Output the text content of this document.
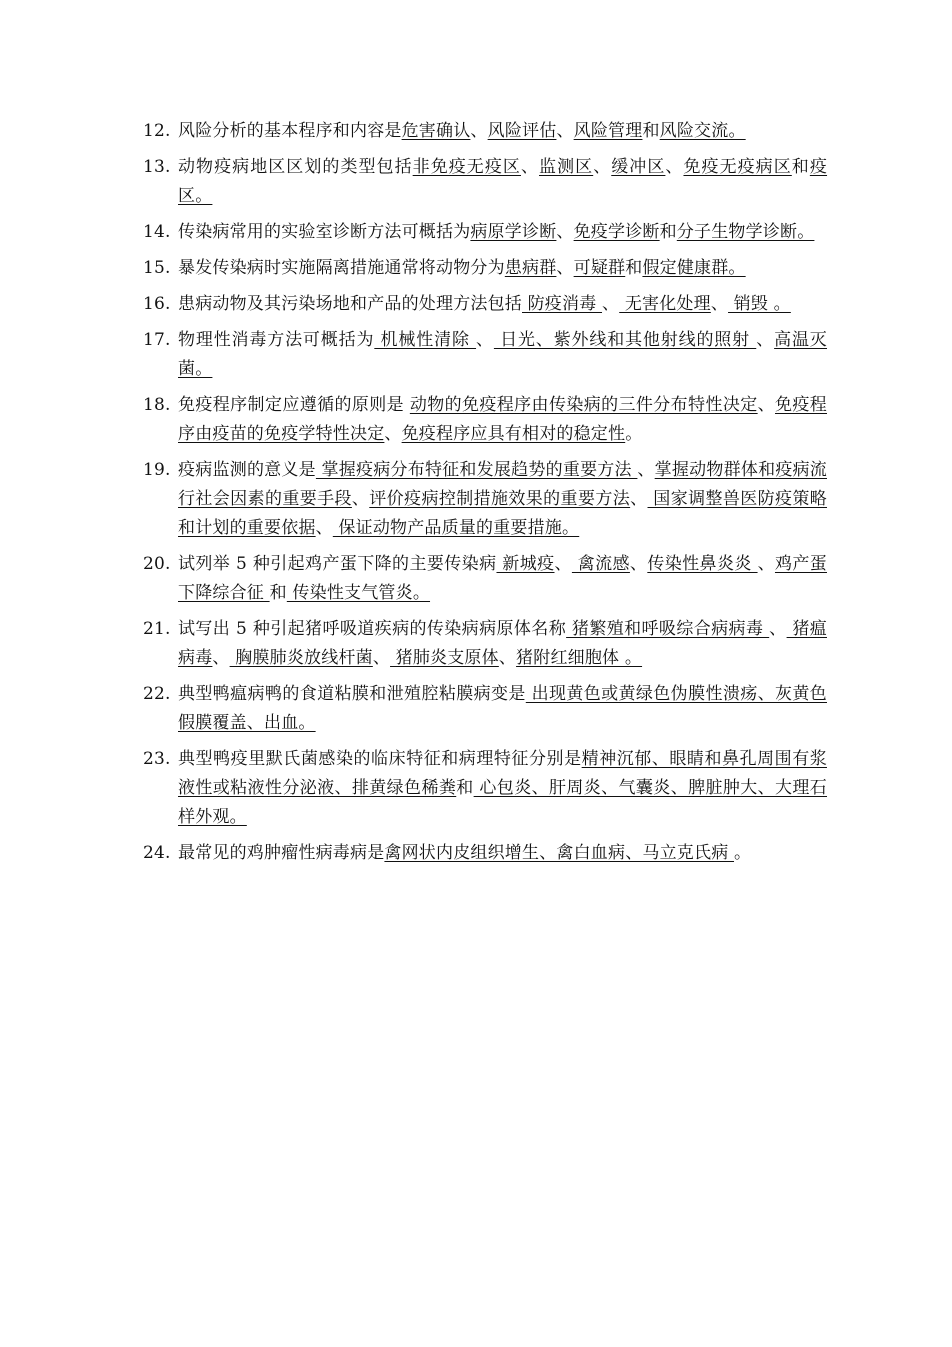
12. 风险分析的基本程序和内容是危害确认、风险评估、风险管理和风险交流。
13. 动物疫病地区区划的类型包括非免疫无疫区、监测区、缓冲区、免疫无疫病区和疫区。
14. 传染病常用的实验室诊断方法可概括为病原学诊断、免疫学诊断和分子生物学诊断。
15. 暴发传染病时实施隔离措施通常将动物分为患病群、可疑群和假定健康群。
16. 患病动物及其污染场地和产品的处理方法包括 防疫消毒 、 无害化处理、 销毁 。
17. 物理性消毒方法可概括为 机械性清除 、 日光、紫外线和其他射线的照射 、高温灭菌。
18. 免疫程序制定应遵循的原则是 动物的免疫程序由传染病的三件分布特性决定、免疫程序由疫苗的免疫学特性决定、免疫程序应具有相对的稳定性。
19. 疫病监测的意义是 掌握疫病分布特征和发展趋势的重要方法 、掌握动物群体和疫病流行社会因素的重要手段、评价疫病控制措施效果的重要方法、 国家调整兽医防疫策略和计划的重要依据、 保证动物产品质量的重要措施。
20. 试列举 5 种引起鸡产蛋下降的主要传染病 新城疫、 禽流感、传染性鼻炎炎 、鸡产蛋下降综合征 和 传染性支气管炎。
21. 试写出 5 种引起猪呼吸道疾病的传染病病原体名称 猪繁殖和呼吸综合病病毒 、 猪瘟病毒、 胸膜肺炎放线杆菌、 猪肺炎支原体、猪附红细胞体 。
22. 典型鸭瘟病鸭的食道粘膜和泄殖腔粘膜病变是 出现黄色或黄绿色伪膜性溃疡、灰黄色假膜覆盖、出血。
23. 典型鸭疫里默氏菌感染的临床特征和病理特征分别是精神沉郁、眼睛和鼻孔周围有浆液性或粘液性分泌液、排黄绿色稀粪和 心包炎、肝周炎、气囊炎、脾脏肿大、大理石样外观。
24. 最常见的鸡肿瘤性病毒病是禽网状内皮组织增生、禽白血病、马立克氏病 。
